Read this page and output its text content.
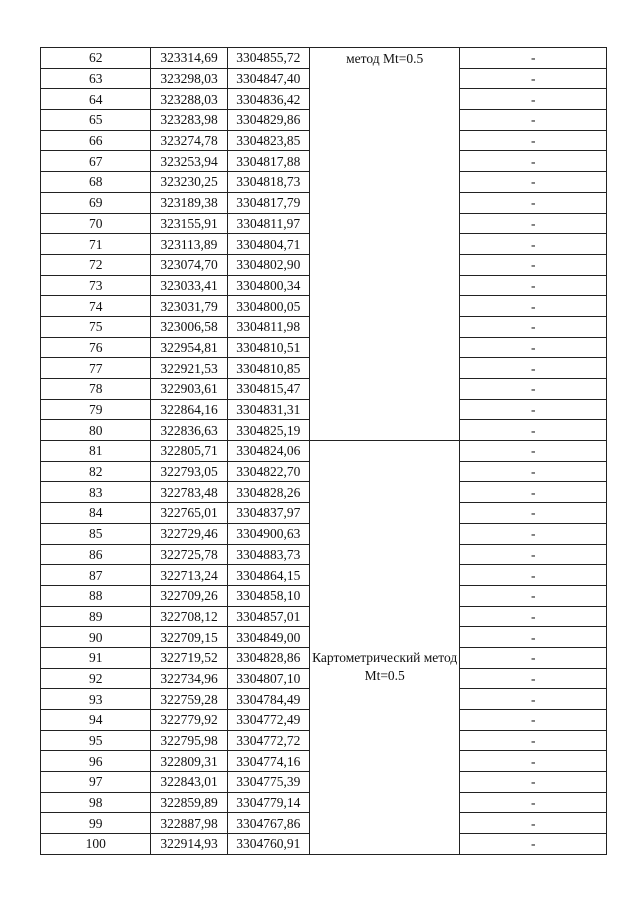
62	323314,69	3304855,72	метод Mt=0.5	-
63	323298,03	3304847,40		-
64	323288,03	3304836,42		-
65	323283,98	3304829,86		-
66	323274,78	3304823,85		-
67	323253,94	3304817,88		-
68	323230,25	3304818,73		-
69	323189,38	3304817,79		-
70	323155,91	3304811,97		-
71	323113,89	3304804,71		-
72	323074,70	3304802,90		-
73	323033,41	3304800,34		-
74	323031,79	3304800,05		-
75	323006,58	3304811,98		-
76	322954,81	3304810,51		-
77	322921,53	3304810,85		-
78	322903,61	3304815,47		-
79	322864,16	3304831,31		-
80	322836,63	3304825,19		-
81	322805,71	3304824,06	Картометрический метод Mt=0.5	-
82	322793,05	3304822,70		-
83	322783,48	3304828,26		-
84	322765,01	3304837,97		-
85	322729,46	3304900,63		-
86	322725,78	3304883,73		-
87	322713,24	3304864,15		-
88	322709,26	3304858,10		-
89	322708,12	3304857,01		-
90	322709,15	3304849,00		-
91	322719,52	3304828,86		-
92	322734,96	3304807,10		-
93	322759,28	3304784,49		-
94	322779,92	3304772,49		-
95	322795,98	3304772,72		-
96	322809,31	3304774,16		-
97	322843,01	3304775,39		-
98	322859,89	3304779,14		-
99	322887,98	3304767,86		-
100	322914,93	3304760,91		-
